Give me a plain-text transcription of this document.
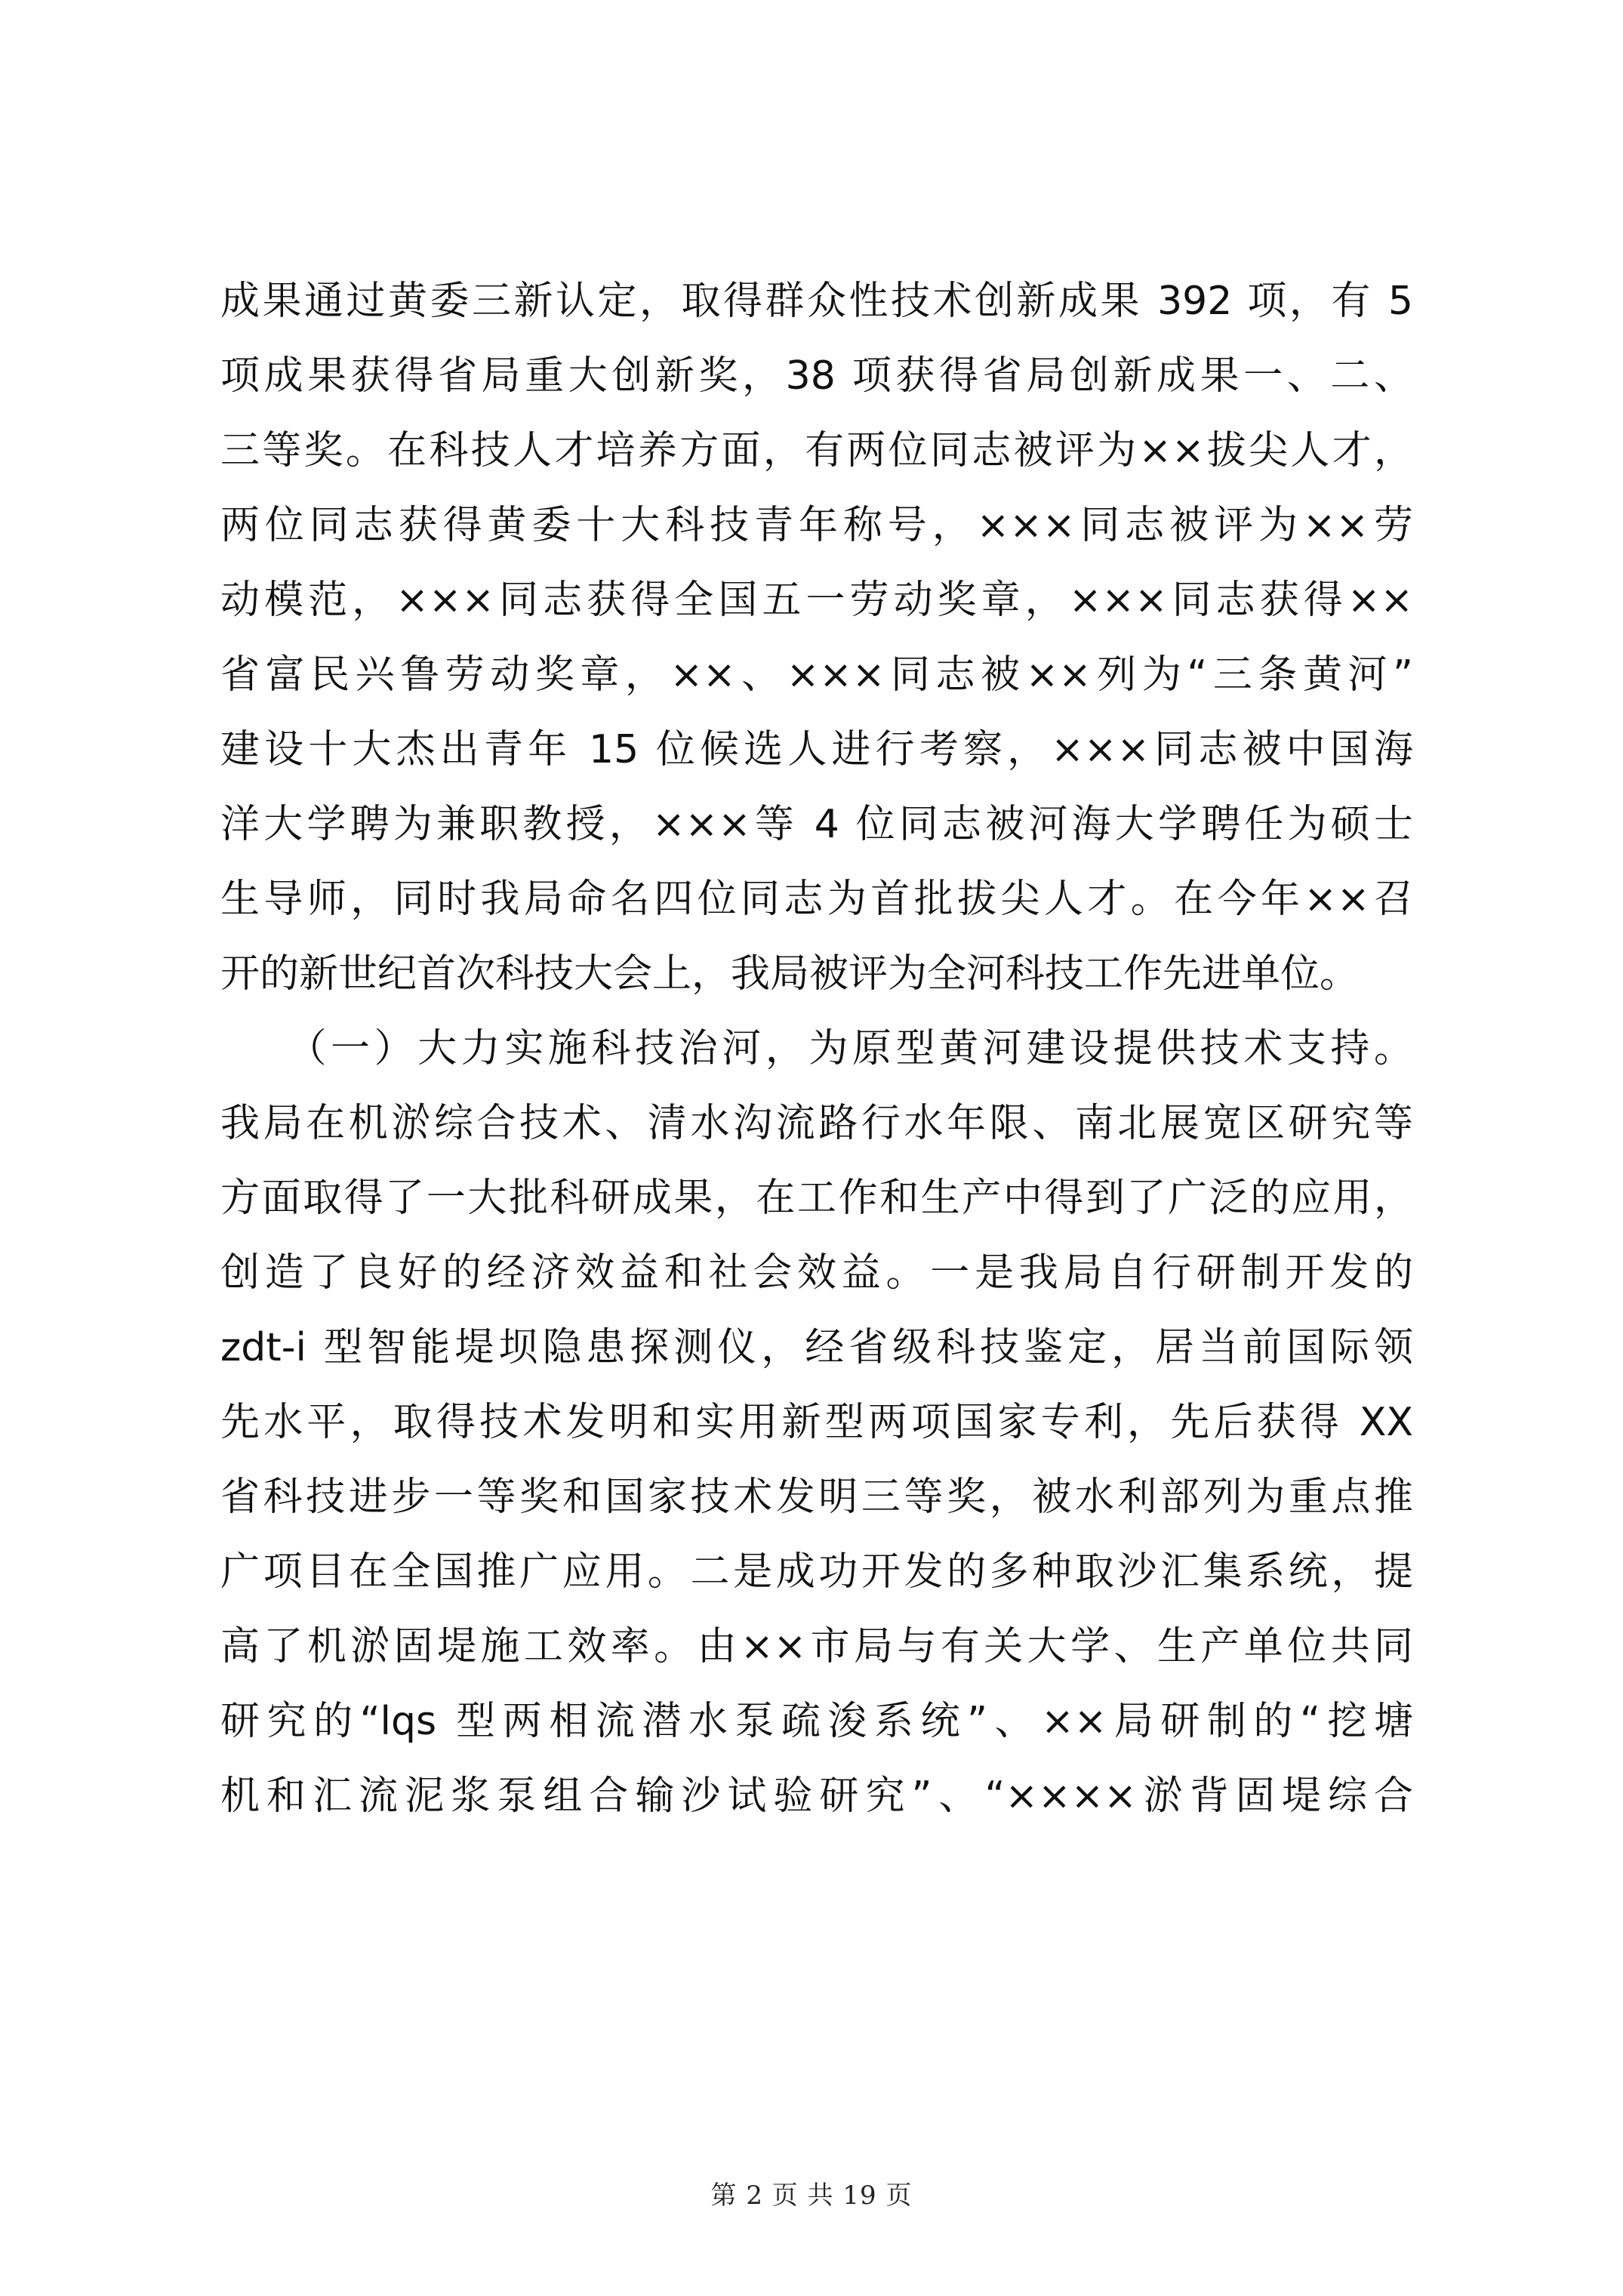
成果通过黄委三新认定，取得群众性技术创新成果 392 项，有 5
项成果获得省局重大创新奖，38 项获得省局创新成果一、二、
三等奖。在科技人才培养方面，有两位同志被评为××拔尖人才，
两位同志获得黄委十大科技青年称号，×××同志被评为××劳
动模范，×××同志获得全国五一劳动奖章，×××同志获得××
省富民兴鲁劳动奖章，××、×××同志被××列为“三条黄河”
建设十大杰出青年 15 位候选人进行考察，×××同志被中国海
洋大学聘为兼职教授，×××等 4 位同志被河海大学聘任为硕士
生导师，同时我局命名四位同志为首批拔尖人才。在今年××召
开的新世纪首次科技大会上，我局被评为全河科技工作先进单位。
（一）大力实施科技治河，为原型黄河建设提供技术支持。
我局在机淤综合技术、清水沟流路行水年限、南北展宽区研究等
方面取得了一大批科研成果，在工作和生产中得到了广泛的应用，
创造了良好的经济效益和社会效益。一是我局自行研制开发的
zdt-i 型智能堤坝隐患探测仪，经省级科技鉴定，居当前国际领
先水平，取得技术发明和实用新型两项国家专利，先后获得 XX
省科技进步一等奖和国家技术发明三等奖，被水利部列为重点推
广项目在全国推广应用。二是成功开发的多种取沙汇集系统，提
高了机淤固堤施工效率。由××市局与有关大学、生产单位共同
研究的“lqs 型两相流潜水泵疏浚系统”、××局研制的“挖塘
机和汇流泥浆泵组合输沙试验研究”、“××××淤背固堤综合
第 2 页 共 19 页
